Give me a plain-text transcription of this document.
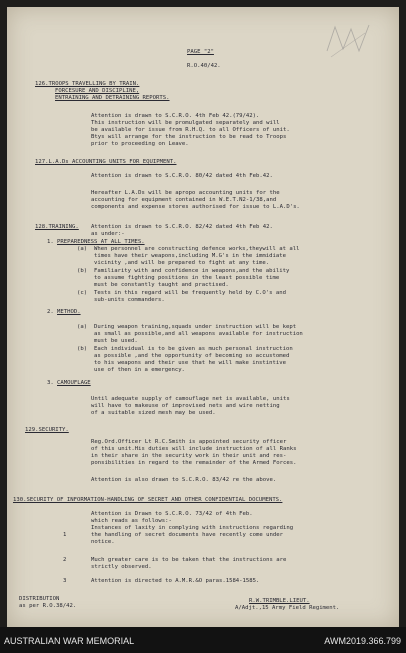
PAGE "2"
R.O.40/42.
126.TROOPS TRAVELLING BY TRAIN.
FORCESURE AND DISCIPLINE,
ENTRAINING AND DETRAINING REPORTS.
Attention is drawn to S.C.R.O. 4th Feb 42.(79/42).
This instruction will be promulgated separately and will
be available for issue from R.H.Q. to all Officers of unit.
Btys will arrange for the instruction to be read to Troops
prior to proceeding on Leave.
127.L.A.Ds ACCOUNTING UNITS FOR EQUIPMENT.
Attention is drawn to S.C.R.O. 80/42 dated 4th Feb.42.
Hereafter L.A.Ds will be apropo accounting units for the
accounting for equipment contained in W.E.T.N2-1/38,and
components and expense stores authorised for issue to L.A.D's.
128.TRAINING. Attention is drawn to S.C.R.O. 82/42 dated 4th Feb 42.
as under:-
1. PREPAREDNESS AT ALL TIMES.
(a) When personnel are constructing defence works,theywill at all
times have their weapons,including M.G's in the immidiate
vicinity ,and will be prepared to fight at any time.
(b) Familiarity with and confidence in weapons,and the ability
to assume fighting positions in the least possible time
must be constantly taught and practised.
(c) Tests in this regard will be frequently held by C.O's and
sub-units commanders.
2. METHOD.
(a) During weapon training,squads under instruction will be kept
as small as possible,and all weapons available for instruction
must be used.
(b) Each individual is to be given as much personal instruction
as possible ,and the opportunity of becoming so accustomed
to his weapons and their use that he will make instintive
use of then in a emergency.
3. CAMOUFLAGE
Until adequate supply of camouflage net is available, units
will have to makeuse of improvised nets and wire netting
of a suitable sized mesh may be used.
129.SECURITY.
Reg.Ord.Officer Lt R.C.Smith is appointed security officer
of this unit.His duties will include instruction of all Ranks
in their share in the security work in their unit and res-
ponsibilities in regard to the remainder of the Armed Forces.
Attention is also drawn to S.C.R.O. 83/42 re the above.
130.SECURITY OF INFORMATION-HANDLING OF SECRET AND OTHER CONFIDENTIAL DOCUMENTS.
Attention is Drawn to S.C.R.O. 73/42 of 4th Feb.
which reads as follows:-
1
Instances of laxity in complying with instructions regarding
the handling of secret documents have recently come under
notice.
2	Much greater care is to be taken that the instructions are
strictly observed.
3	Attention is directed to A.M.R.&O paras.1584-1585.
DISTRIBUTION
as per R.O.38/42.
R.W.TRIMBLE.LIEUT.
A/Adjt.,15 Army Field Regiment.
AUSTRALIAN WAR MEMORIAL	AWM2019.366.799
